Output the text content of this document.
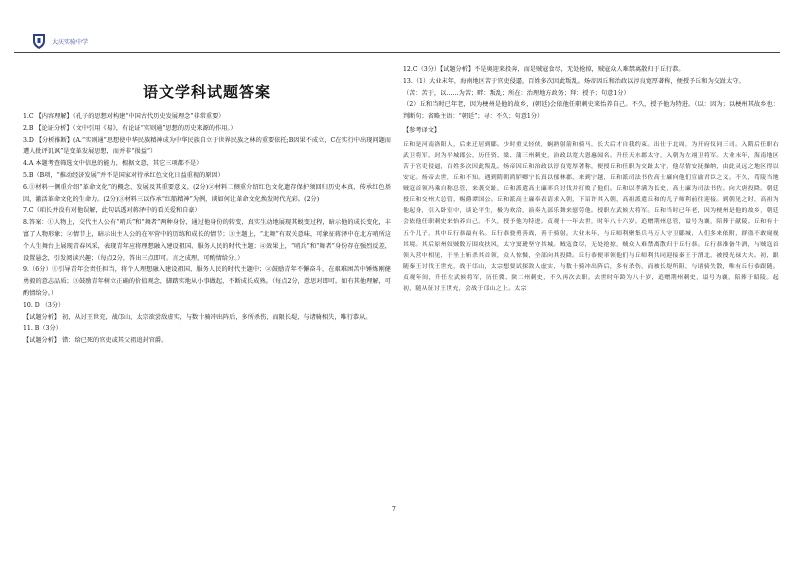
大庆实验中学
语文学科试题答案

1.C 【内容理解】（孔子的思想对构建“中国古代历史发展理念”非常重要）

2.B 【论证分析】（文中引用《易》，有论证“实则通”思想的历史来源的作用。）

3.D 【分析推断】(A.“实则通”思想使中华民族精神成为中华民族自立于世界民族之林的重要依托;B因果不成立，C在实行中出现问题而遭人批评讥讽”是变革发展思想，而并非“损益”）

4.A 本题考查筛选文中信息的能力，根据文意，其它三项都不是）

5.B（B项，“推动经济发展”并不是国家对待承红色文化日益重视的原因）

6.①材料一侧重介绍“革命文化”的概念、发展及其重要意义。(2分)②材料二侧重介绍红色文化遗存保护须回归历史本真，传承红色基因，激活革命文化的生命力。(2分)③材料三以作承“红船精神”为例，谈如何让革命文化焕发时代光彩。(2分)

7.C（咱长并没有对他误解，此句话透对蒋泽中的看关爱和自豪）

8.答案：①人物上，交代主人公有“哨兵”和“舞者”两种身份，通过他身份的转变，真实生动地展现其蜕变过程，暗示他的成长变化，丰富了人物形象；②情节上，暗示出主人公的在军营中的历练和成长的情节；③主题上，“北舞”有双关意味，可象征蒋泽中在北方哨所这个人生舞台上展现青春风采，表现青年应将理想融入建设祖国、服务人民的时代主题；④效果上，“哨兵”和“舞者”身份存在强烈反差，设置悬念，引发阅读兴趣；（每点2分，答出三点即可。言之成理，可酌情给分。）

9.（6分）①引导青年会责任担当，将个人理想融入建设祖国、服务人民的时代主题中；②鼓励青年不懈奋斗，在艰难困苦中锤炼刚健勇毅的意志品质；③鼓励青年树立正确的价值观念，脚踏实地从小事做起，不断成长成熟。（每点2分，意思对即可。如有其他理解，可酌情给分。）

10. D （3分）

【试题分析】 初，从讨王世充，战邙山，太宗欲尝敌虚实，与数十骑冲出阵后，多所杀伤，而限长堤，与诸骑相失，唯行恭从。

11. B（3分）

【试题分析】 错：给已死的官吏或其父祖追封官爵。

12.C（3分）【试题分析】不是奥迎来投奔，而是贼寇食尽，无处抢掠，贼寇众人难禁离散归于丘行恭。

13.（1）大业末年，海南地区苦于官吏侵逼，百姓多次因此叛乱。炀帝因丘和治政以淳良宽厚著称，便授予丘和为交趾太守。

（苦：苦于，以……为苦；畔：叛乱；所在：治理地方政务；拜：授予；句意1分）

（2）丘和当时已年老，因为梗州是他的故乡，(朝廷)会依他任职刺史来怡养自己。不久，授予他为特进。（以：因为；以梗州其故乡也：判断句；省略主语：“朝廷”；寻：不久；句意1分）

【参考译文】

丘和是河南洛阳人，后来迁居到郿。少时重义轻侠，娴熟射箭和骑马，长大后才自我约束。出仕于北周，为开府仪同三司。入隋后任职右武卫将军，封为平城郡公，历任资、梁、蒲三州刺史，治政以宽大恩惠闻名。升任天水郡太守，入朝为左翊卫将军。大业末年，海南地区苦于官吏侵逼，百姓多次因此叛乱。炀帝因丘和治政以淳良宽厚著称，便授丘和任职为交趾太守，他尽情安抚操纳，由此灵远之地区得以安定。炀帝去世，丘和不知。遇到隋朝鸿胪卿宁长真以郁林郡，来到宁越，丘和派司法书佐高士廉向他们宣谕君臣之义。不久，苟陵当地贼寇首领冯乘自称总管，来袭交趾，丘和派遣高士廉率兵讨伐并打败了他们。丘和以孝满为长史，高士廉为司法书佐。向大唐投降。朝廷授丘和交州大总管，赐爵谭国公。丘和派高士廉奉表请求入朝，下诏许其入朝，高祖派遣丘和的儿子师利前往迎接。到朝见之时，高祖为他起身，引入卧室中，谈论平生，极为欢洽，演奏九部乐舞来慰劳他。授职左武候大将军。丘和当时已年老，因为梗州是他的故乡，朝廷会依他任职刺史来怡养自己。不久，授予他为特进。贞观十一年去世，时年八十六岁。追赠荆州总管，谥号为襄，陪葬于献陵。丘和有十五个儿子，其中丘行恭最有名。丘行恭骁勇善战，善于骑射。大业末年，与丘师利聚集兵马万人守卫郿城，人们多来依附，群盗不敢窥视其境。其后原州奴贼数万围攻扶风，太守窦琎坚守其城。贼寇食尽，无处抢掠，贼众人难禁离散归于丘行恭。丘行恭准备牛酒，与贼寇首领入营中相见，于坐上斩杀其首领，众人惊慑，全部向其投降。丘行恭便率领他们与丘师利共同迎接秦王于渭北，被授光禄大夫。初，跟随秦王讨伐王世充，战于邙山，太宗想要试探敌人虚实，与数十骑冲出阵后，多有杀伤，而被长堤所阻，与诸骑失散，唯有丘行恭跟随。贞观年间，升任左武候将军，历任冀、陕二州刺史，不久再次去职。去世时年龄为八十岁，追赠荆州刺史，谥号为襄，陪葬于昭陵。起初，随从征讨王世充，会战于邙山之上。太宗

7
